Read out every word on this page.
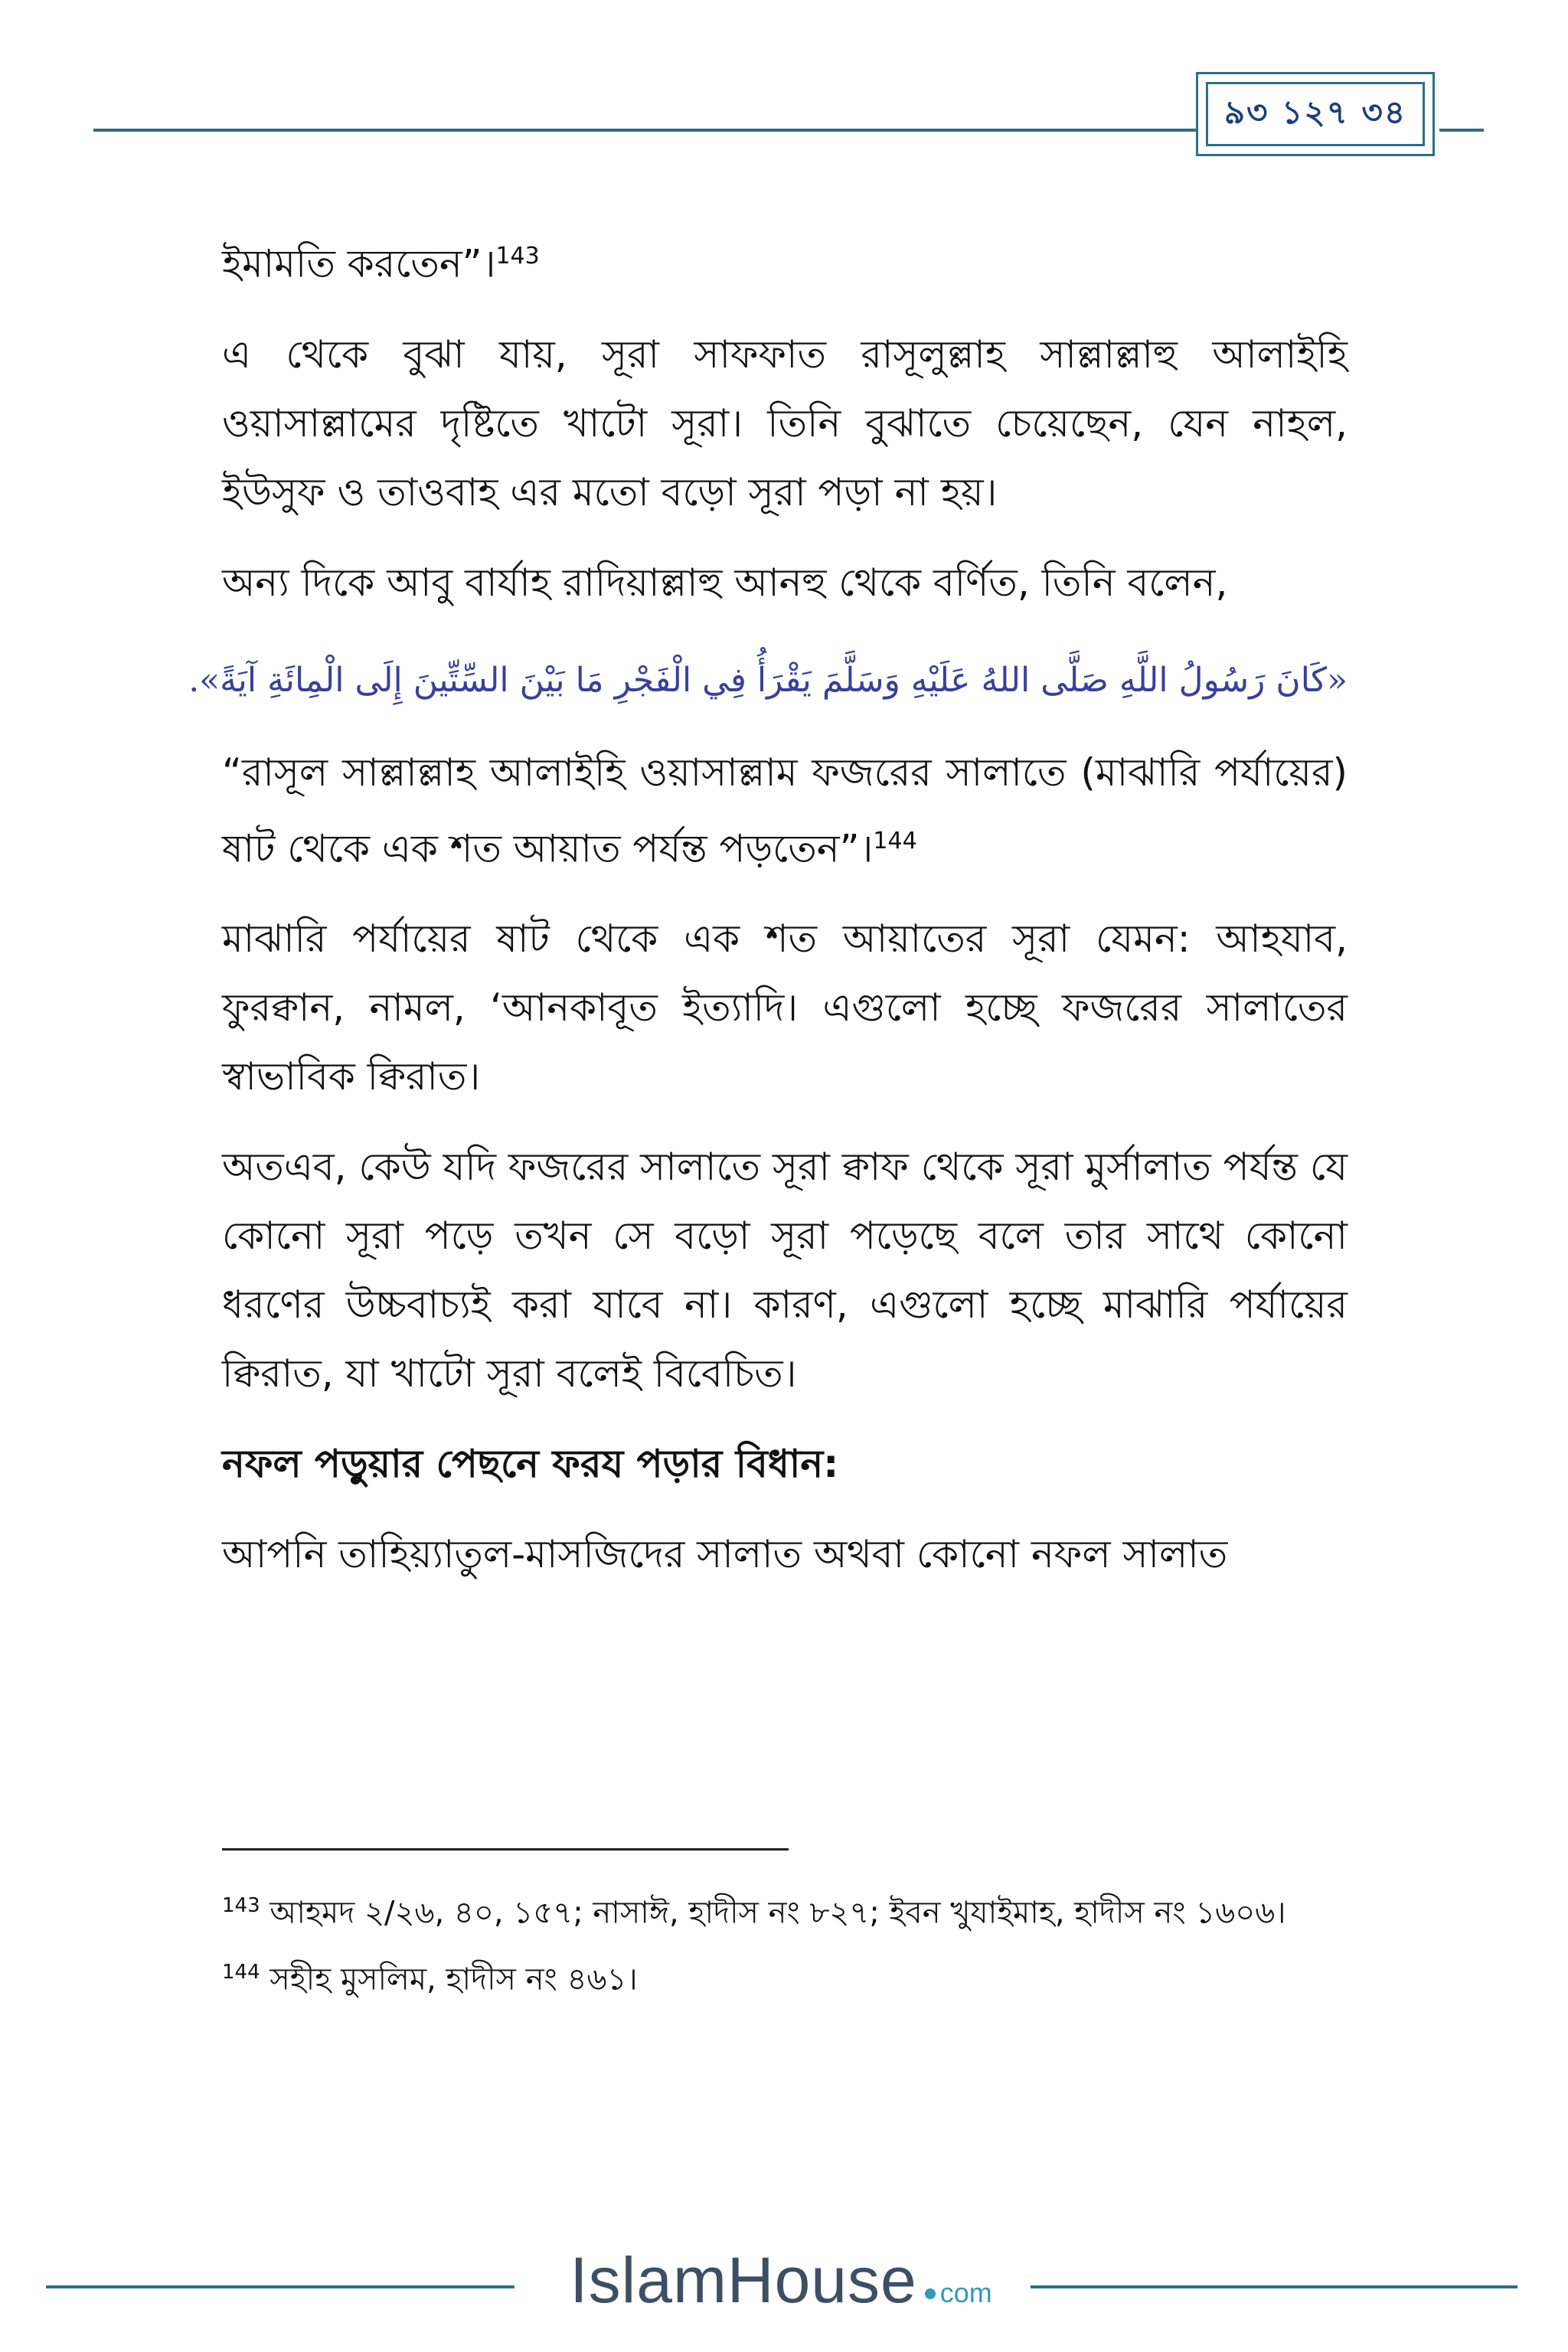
৯৩ ১২৭ ৩৪

ইমামতি করতেন”।$^{143}$

এ থেকে বুঝা যায়, সূরা সাফফাত রাসূলুল্লাহ সাল্লাল্লাহু আলাইহি ওয়াসাল্লামের দৃষ্টিতে খাটো সূরা। তিনি বুঝাতে চেয়েছেন, যেন নাহল, ইউসুফ ও তাওবাহ এর মতো বড়ো সূরা পড়া না হয়।

অন্য দিকে আবু বার্যাহ রাদিয়াল্লাহু আনহু থেকে বর্ণিত, তিনি বলেন,

«كَانَ رَسُولُ اللَّهِ صَلَّى اللهُ عَلَيْهِ وَسَلَّمَ يَقْرَأُ فِي الْفَجْرِ مَا بَيْنَ السِّتِّينَ إِلَى الْمِائَةِ آيَةً».

“রাসূল সাল্লাল্লাহ আলাইহি ওয়াসাল্লাম ফজরের সালাতে (মাঝারি পর্যায়ের) ষাট থেকে এক শত আয়াত পর্যন্ত পড়তেন”।$^{144}$

মাঝারি পর্যায়ের ষাট থেকে এক শত আয়াতের সূরা যেমন: আহযাব, ফুরক্বান, নামল, ‘আনকাবূত ইত্যাদি। এগুলো হচ্ছে ফজরের সালাতের স্বাভাবিক ক্বিরাত।

অতএব, কেউ যদি ফজরের সালাতে সূরা ক্বাফ থেকে সূরা মুর্সালাত পর্যন্ত যে কোনো সূরা পড়ে তখন সে বড়ো সূরা পড়েছে বলে তার সাথে কোনো ধরণের উচ্চবাচ্যই করা যাবে না। কারণ, এগুলো হচ্ছে মাঝারি পর্যায়ের ক্বিরাত, যা খাটো সূরা বলেই বিবেচিত।

নফল পড়ুয়ার পেছনে ফরয পড়ার বিধান:

আপনি তাহিয়্যাতুল-মাসজিদের সালাত অথবা কোনো নফল সালাত

$^{143}$ আহমদ ২/২৬, ৪০, ১৫৭; নাসাঈ, হাদীস নং ৮২৭; ইবন খুযাইমাহ, হাদীস নং ১৬০৬।

$^{144}$ সহীহ মুসলিম, হাদীস নং ৪৬১।

IslamHouse com
